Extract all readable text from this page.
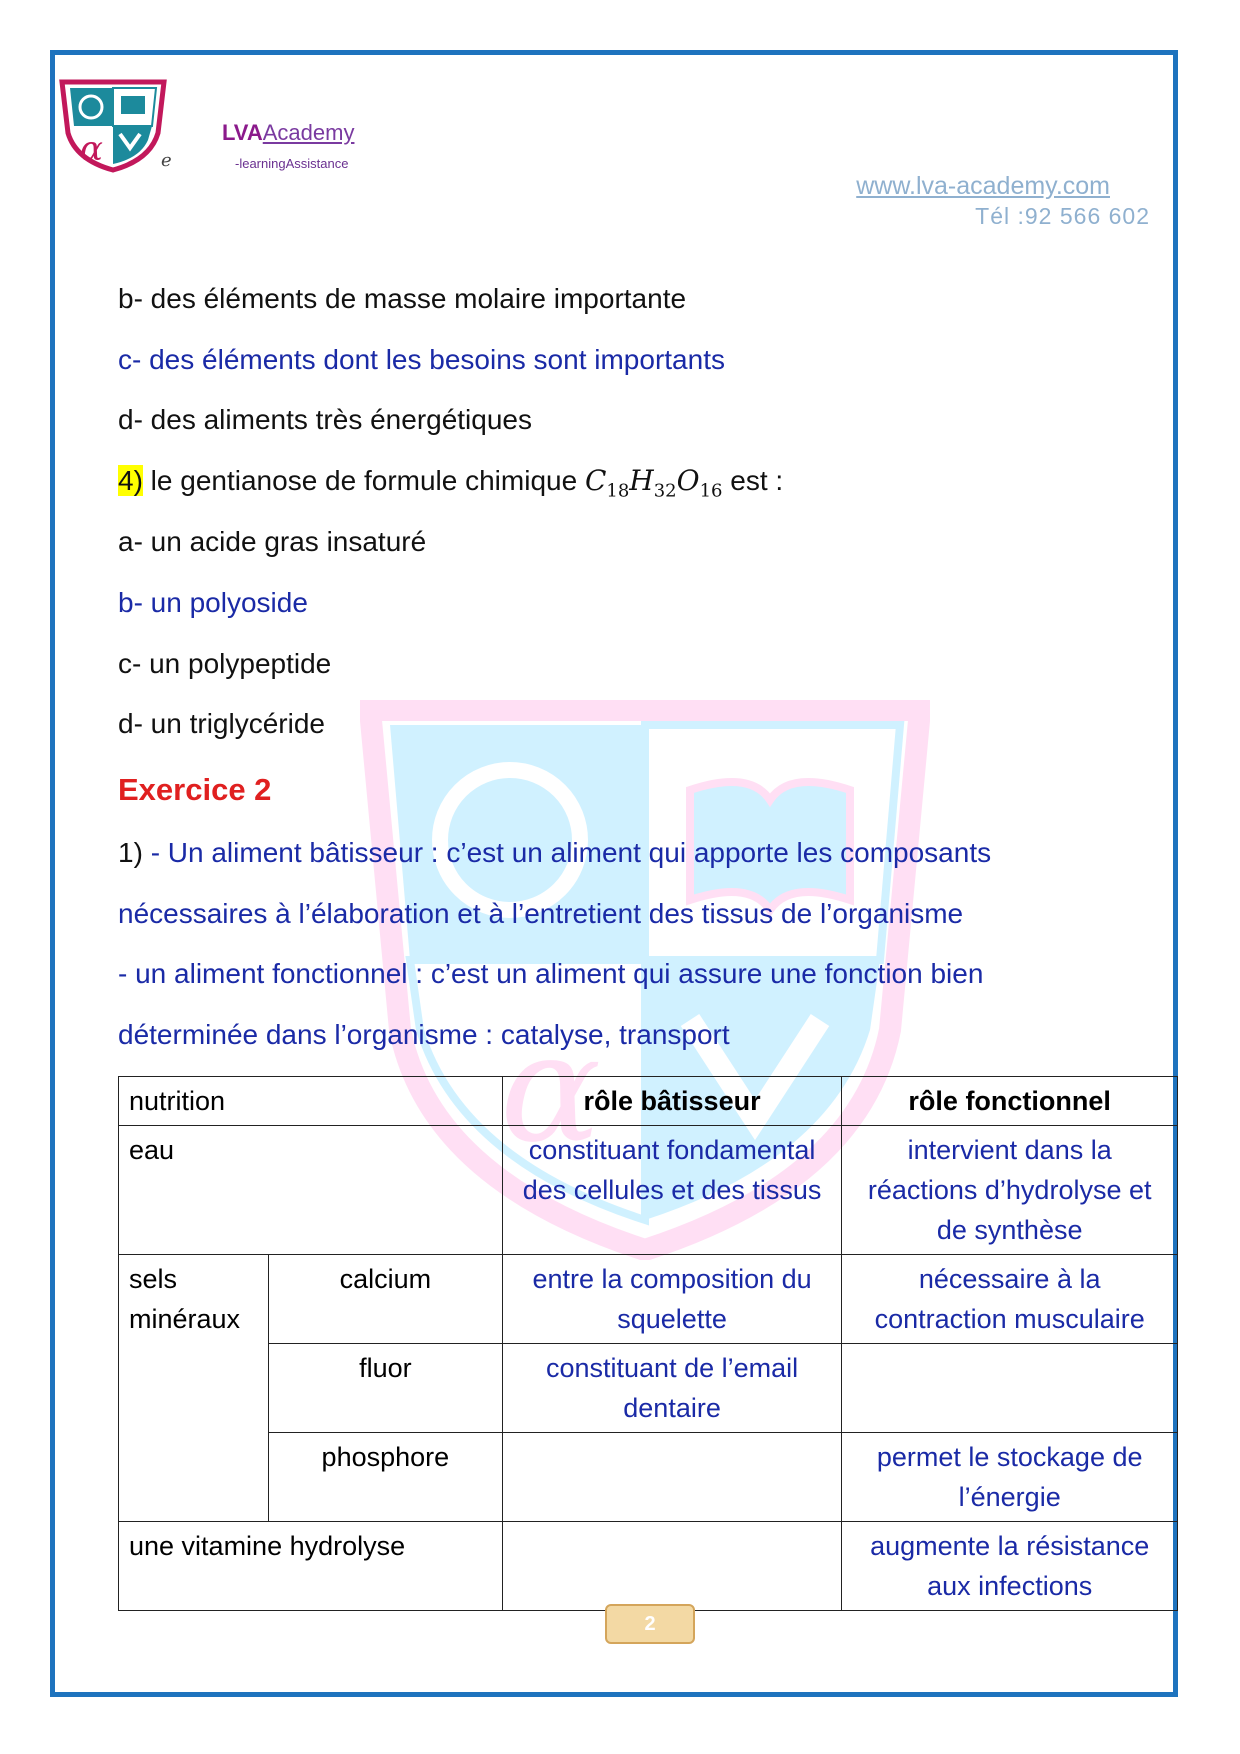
α
α	e
LVAAcademy
-learningAssistance
www.lva-academy.com
Tél :92 566 602
b- des éléments de masse molaire importante
c- des éléments dont les besoins sont importants
d- des aliments très énergétiques
4) le gentianose de formule chimique $C_{18}H_{32}O_{16}$ est :
a- un acide gras insaturé
b- un polyoside
c- un polypeptide
d- un triglycéride
Exercice 2
1) - Un aliment bâtisseur : c’est un aliment qui apporte les composants
nécessaires à l’élaboration et à l’entretient des tissus de l’organisme
- un aliment fonctionnel : c’est un aliment qui assure une fonction bien
déterminée dans l’organisme : catalyse, transport
nutrition		rôle bâtisseur	rôle fonctionnel
eau		constituant fondamental des cellules et des tissus	intervient dans la réactions d’hydrolyse et de synthèse
sels minéraux	calcium	entre la composition du squelette	nécessaire à la contraction musculaire
	fluor	constituant de l’email dentaire	
	phosphore		permet le stockage de l’énergie
une vitamine hydrolyse			augmente la résistance aux infections
2
